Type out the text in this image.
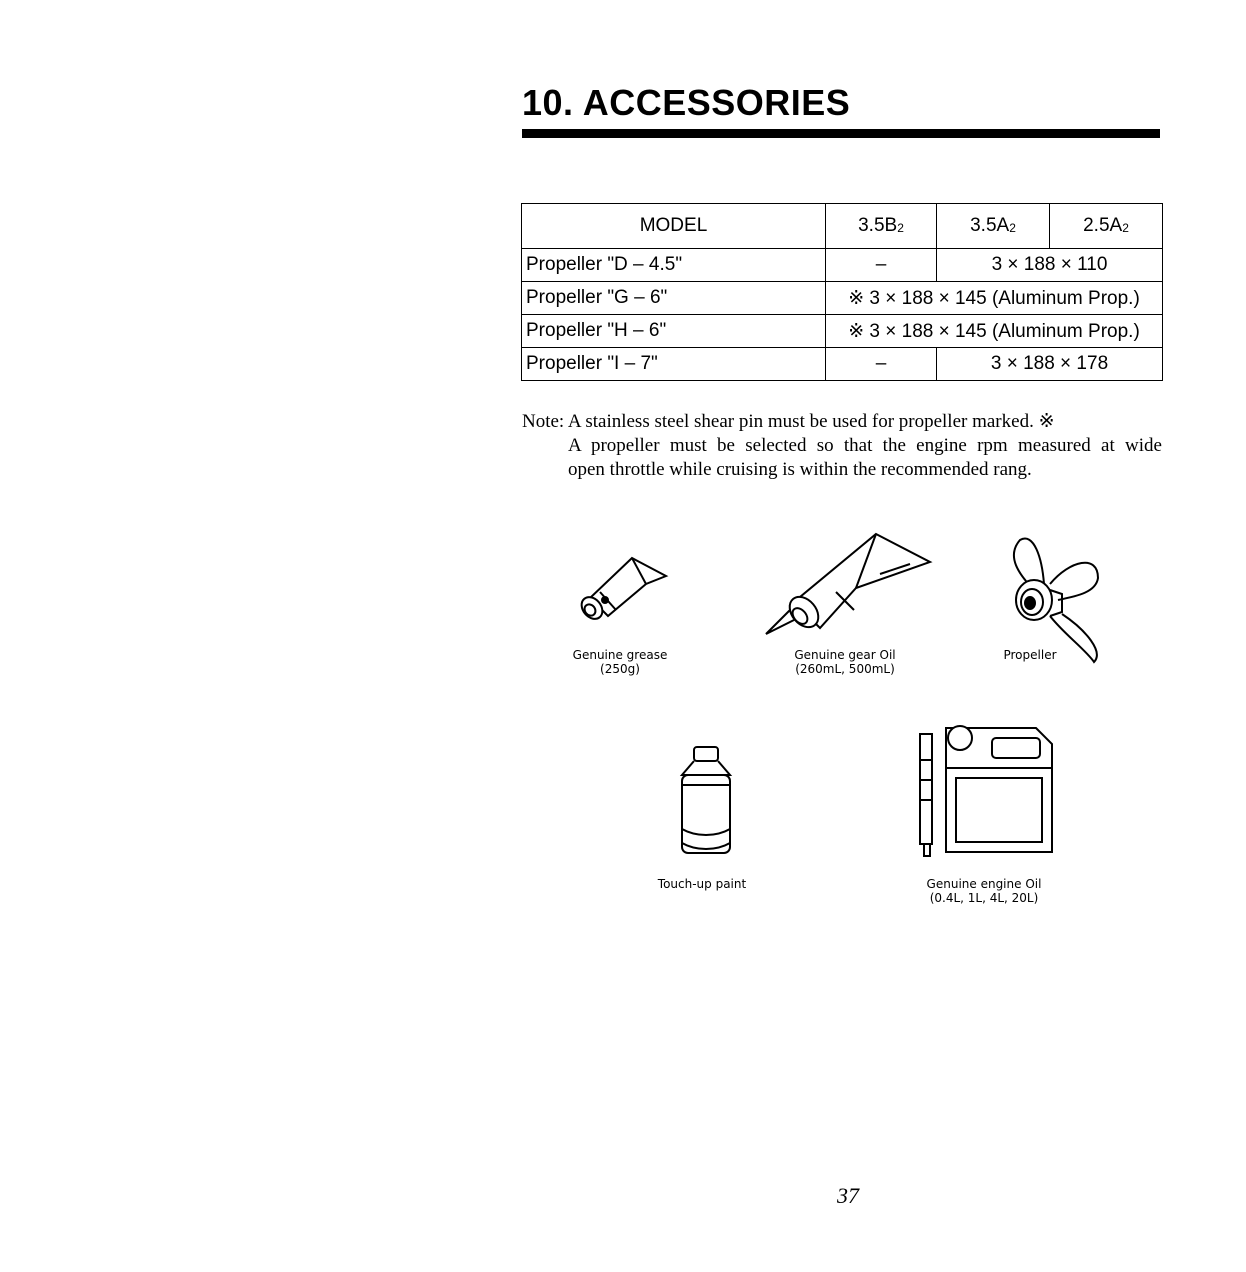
10. ACCESSORIES
MODEL	$3.5B_2$	$3.5A_2$	$2.5A_2$
Propeller "D – 4.5"	–	3 × 188 × 110	
Propeller "G – 6"	※ 3 × 188 × 145 (Aluminum Prop.)		
Propeller "H – 6"	※ 3 × 188 × 145 (Aluminum Prop.)		
Propeller "I – 7"	–	3 × 188 × 178	

Note: A stainless steel shear pin must be used for propeller marked. ※

A propeller must be selected so that the engine rpm measured at wide

open throttle while cruising is within the recommended rang.

Genuine grease
(250g)
Genuine gear Oil
(260mL, 500mL)
Propeller
Touch-up paint	Genuine engine Oil
(0.4L, 1L, 4L, 20L)
37
